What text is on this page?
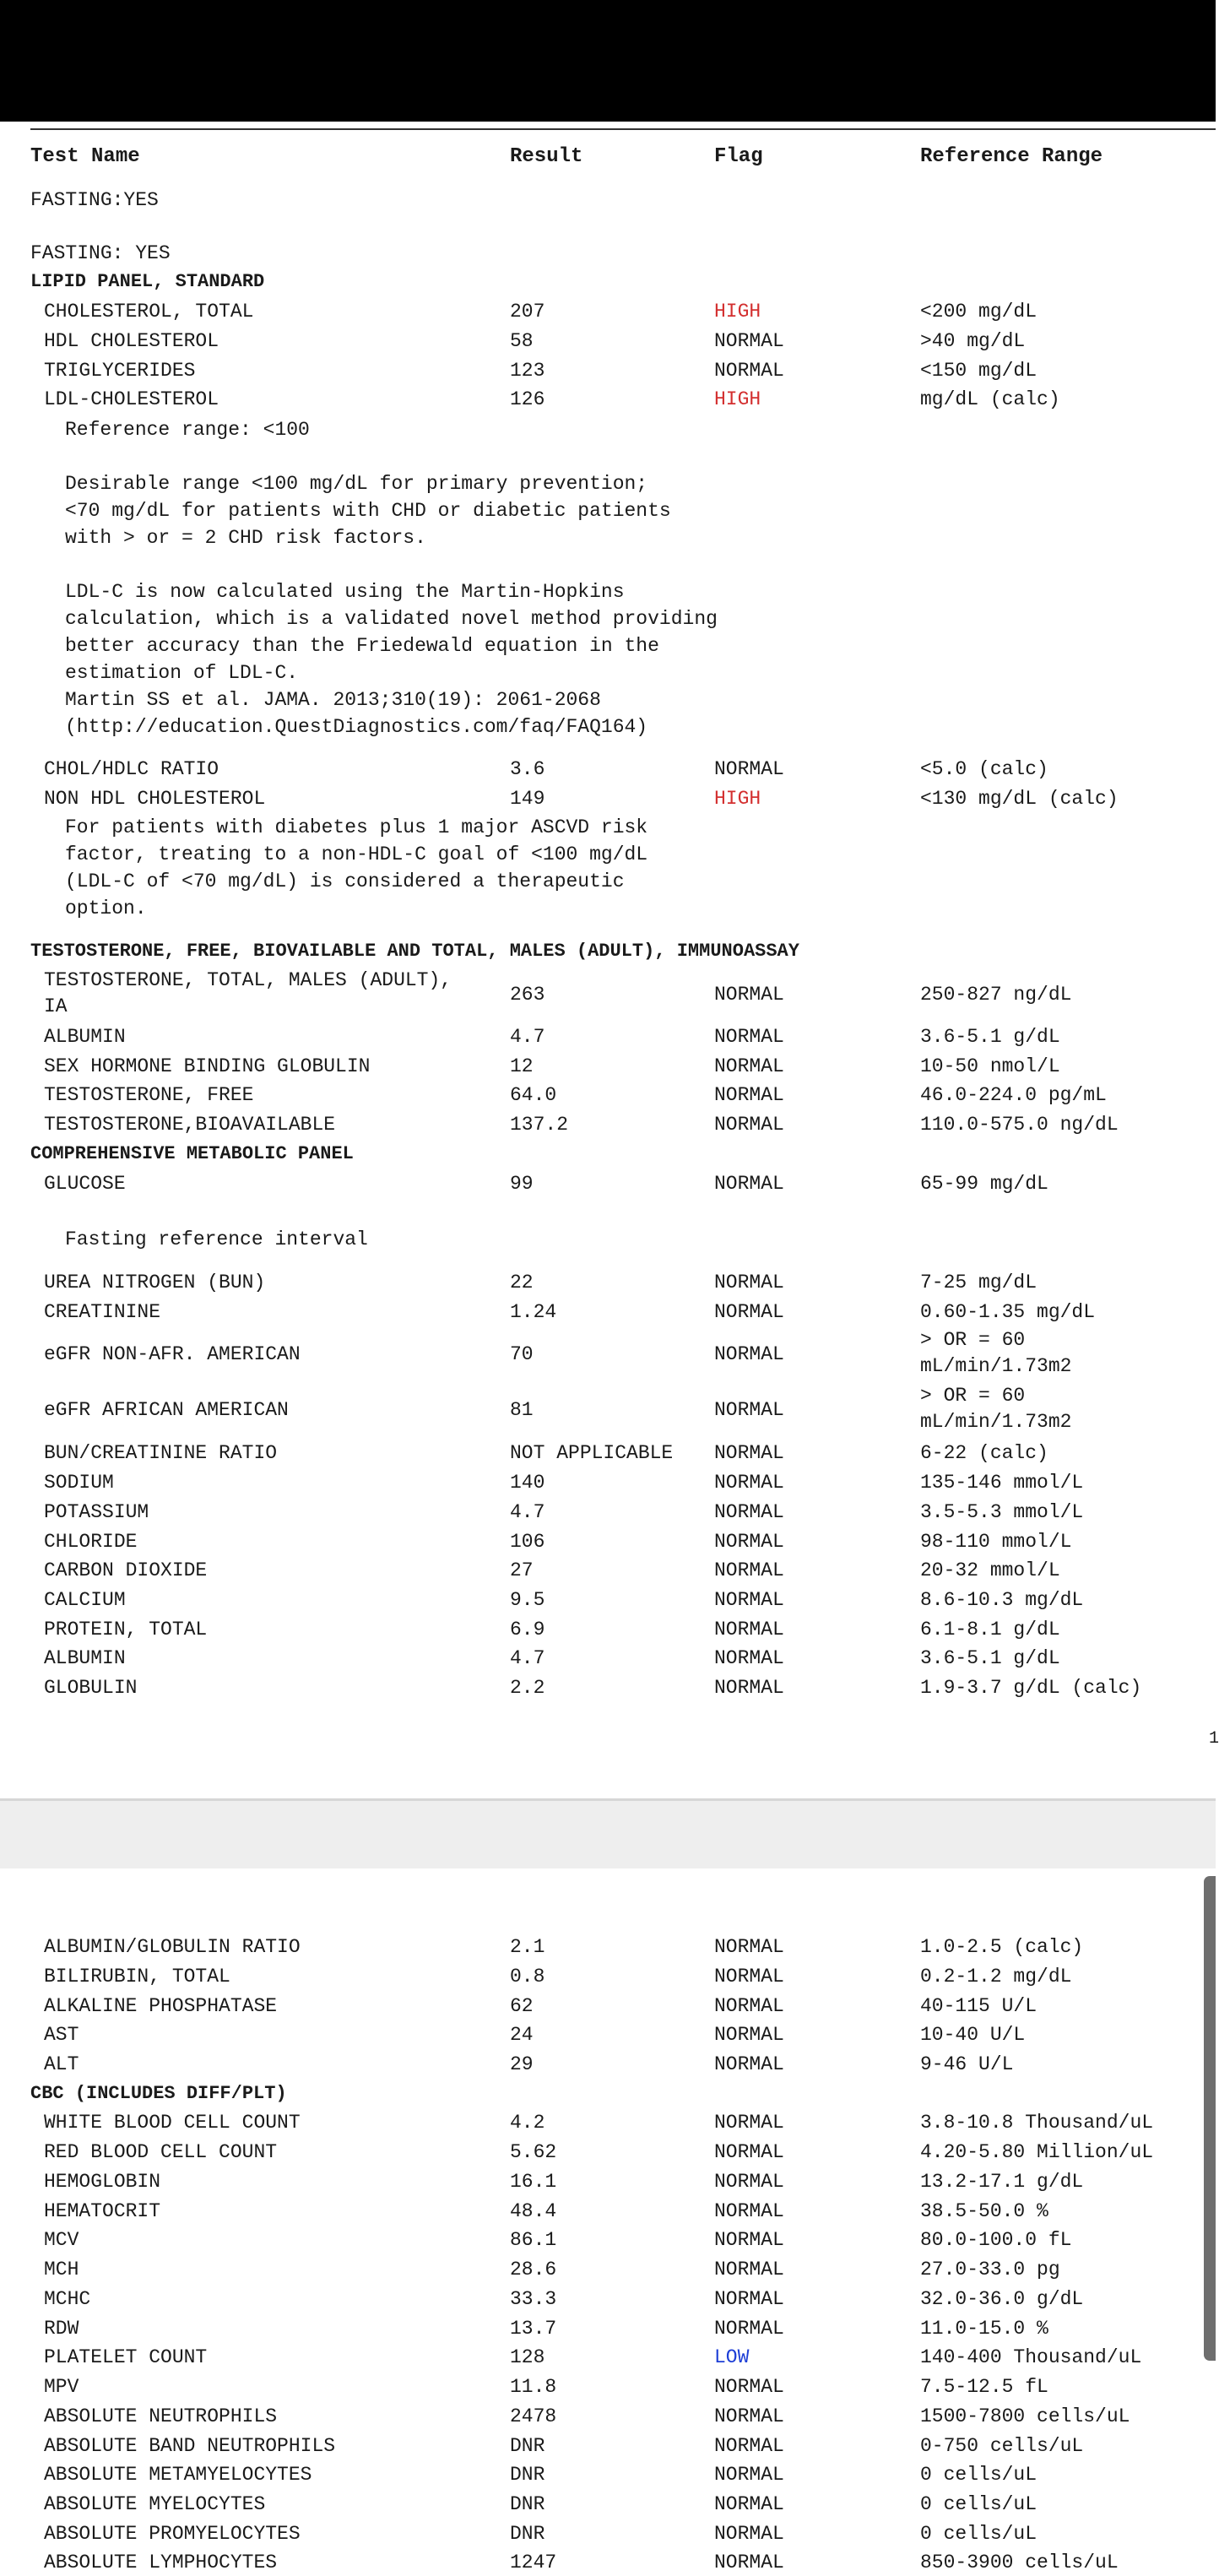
Test Name	Result	Flag	Reference Range
FASTING:YES
FASTING: YES
LIPID PANEL, STANDARD
CHOLESTEROL, TOTAL	207	HIGH	<200 mg/dL
HDL CHOLESTEROL	58	NORMAL	>40 mg/dL
TRIGLYCERIDES	123	NORMAL	<150 mg/dL
LDL-CHOLESTEROL	126	HIGH	mg/dL (calc)
Reference range: <100

Desirable range <100 mg/dL for primary prevention;
<70 mg/dL for patients with CHD or diabetic patients
with > or = 2 CHD risk factors.

LDL-C is now calculated using the Martin-Hopkins
calculation, which is a validated novel method providing
better accuracy than the Friedewald equation in the
estimation of LDL-C.
Martin SS et al. JAMA. 2013;310(19): 2061-2068
(http://education.QuestDiagnostics.com/faq/FAQ164)
CHOL/HDLC RATIO	3.6	NORMAL	<5.0 (calc)
NON HDL CHOLESTEROL	149	HIGH	<130 mg/dL (calc)
For patients with diabetes plus 1 major ASCVD risk
factor, treating to a non-HDL-C goal of <100 mg/dL
(LDL-C of <70 mg/dL) is considered a therapeutic
option.
TESTOSTERONE, FREE, BIOVAILABLE AND TOTAL, MALES (ADULT), IMMUNOASSAY
TESTOSTERONE, TOTAL, MALES (ADULT),
IA
263	NORMAL	250-827 ng/dL
ALBUMIN	4.7	NORMAL	3.6-5.1 g/dL
SEX HORMONE BINDING GLOBULIN	12	NORMAL	10-50 nmol/L
TESTOSTERONE, FREE	64.0	NORMAL	46.0-224.0 pg/mL
TESTOSTERONE,BIOAVAILABLE	137.2	NORMAL	110.0-575.0 ng/dL
COMPREHENSIVE METABOLIC PANEL
GLUCOSE	99	NORMAL	65-99 mg/dL
Fasting reference interval
UREA NITROGEN (BUN)	22	NORMAL	7-25 mg/dL
CREATININE	1.24	NORMAL	0.60-1.35 mg/dL
eGFR NON-AFR. AMERICAN	70	NORMAL
> OR = 60
mL/min/1.73m2
eGFR AFRICAN AMERICAN	81	NORMAL
> OR = 60
mL/min/1.73m2
BUN/CREATININE RATIO	NOT APPLICABLE NORMAL	6-22 (calc)
SODIUM	140	NORMAL	135-146 mmol/L
POTASSIUM	4.7	NORMAL	3.5-5.3 mmol/L
CHLORIDE	106	NORMAL	98-110 mmol/L
CARBON DIOXIDE	27	NORMAL	20-32 mmol/L
CALCIUM	9.5	NORMAL	8.6-10.3 mg/dL
PROTEIN, TOTAL	6.9	NORMAL	6.1-8.1 g/dL
ALBUMIN	4.7	NORMAL	3.6-5.1 g/dL
GLOBULIN	2.2	NORMAL	1.9-3.7 g/dL (calc)
1
ALBUMIN/GLOBULIN RATIO	2.1	NORMAL	1.0-2.5 (calc)
BILIRUBIN, TOTAL	0.8	NORMAL	0.2-1.2 mg/dL
ALKALINE PHOSPHATASE	62	NORMAL	40-115 U/L
AST	24	NORMAL	10-40 U/L
ALT	29	NORMAL	9-46 U/L
CBC (INCLUDES DIFF/PLT)
WHITE BLOOD CELL COUNT	4.2	NORMAL	3.8-10.8 Thousand/uL
RED BLOOD CELL COUNT	5.62	NORMAL	4.20-5.80 Million/uL
HEMOGLOBIN	16.1	NORMAL	13.2-17.1 g/dL
HEMATOCRIT	48.4	NORMAL	38.5-50.0 %
MCV	86.1	NORMAL	80.0-100.0 fL
MCH	28.6	NORMAL	27.0-33.0 pg
MCHC	33.3	NORMAL	32.0-36.0 g/dL
RDW	13.7	NORMAL	11.0-15.0 %
PLATELET COUNT	128	LOW	140-400 Thousand/uL
MPV	11.8	NORMAL	7.5-12.5 fL
ABSOLUTE NEUTROPHILS	2478	NORMAL	1500-7800 cells/uL
ABSOLUTE BAND NEUTROPHILS	DNR	NORMAL	0-750 cells/uL
ABSOLUTE METAMYELOCYTES	DNR	NORMAL	0 cells/uL
ABSOLUTE MYELOCYTES	DNR	NORMAL	0 cells/uL
ABSOLUTE PROMYELOCYTES	DNR	NORMAL	0 cells/uL
ABSOLUTE LYMPHOCYTES	1247	NORMAL	850-3900 cells/uL
